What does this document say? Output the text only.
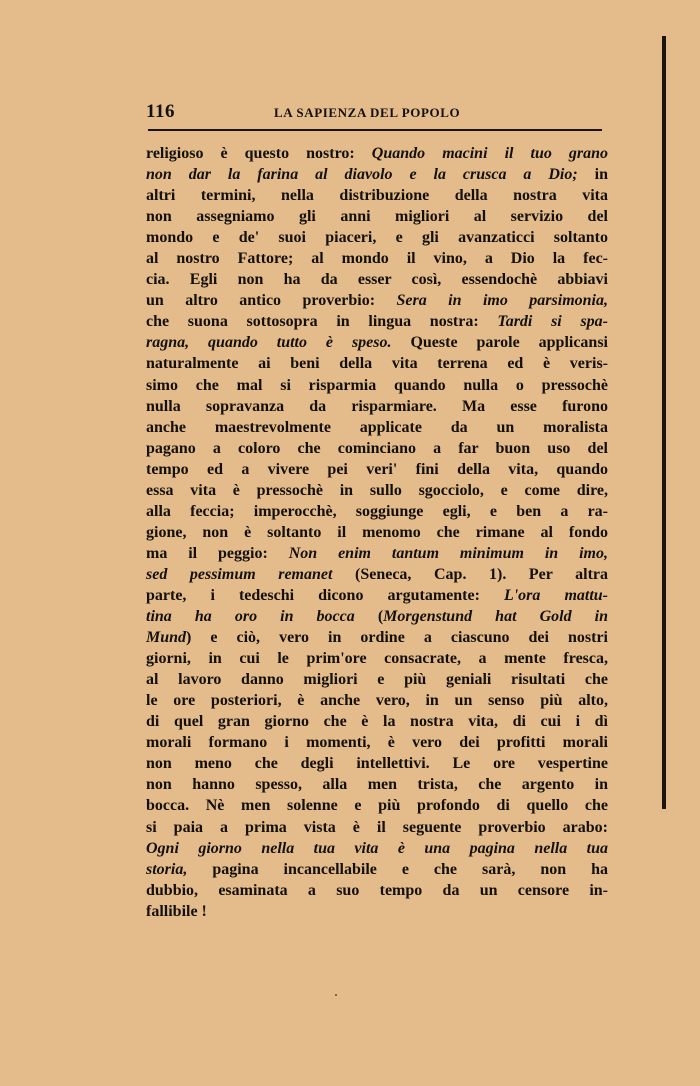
116	LA SAPIENZA DEL POPOLO
religioso è questo nostro: Quando macini il tuo grano
non dar la farina al diavolo e la crusca a Dio; in
altri termini, nella distribuzione della nostra vita
non assegniamo gli anni migliori al servizio del
mondo e de' suoi piaceri, e gli avanzaticci soltanto
al nostro Fattore; al mondo il vino, a Dio la fec-
cia. Egli non ha da esser così, essendochè abbiavi
un altro antico proverbio: Sera in imo parsimonia,
che suona sottosopra in lingua nostra: Tardi si spa-
ragna, quando tutto è speso. Queste parole applicansi
naturalmente ai beni della vita terrena ed è veris-
simo che mal si risparmia quando nulla o pressochè
nulla sopravanza da risparmiare. Ma esse furono
anche maestrevolmente applicate da un moralista
pagano a coloro che cominciano a far buon uso del
tempo ed a vivere pei veri' fini della vita, quando
essa vita è pressochè in sullo sgocciolo, e come dire,
alla feccia; imperocchè, soggiunge egli, e ben a ra-
gione, non è soltanto il menomo che rimane al fondo
ma il peggio: Non enim tantum minimum in imo,
sed pessimum remanet (Seneca, Cap. 1). Per altra
parte, i tedeschi dicono argutamente: L'ora mattu-
tina ha oro in bocca (Morgenstund hat Gold in
Mund) e ciò, vero in ordine a ciascuno dei nostri
giorni, in cui le prim'ore consacrate, a mente fresca,
al lavoro danno migliori e più geniali risultati che
le ore posteriori, è anche vero, in un senso più alto,
di quel gran giorno che è la nostra vita, di cui i dì
morali formano i momenti, è vero dei profitti morali
non meno che degli intellettivi. Le ore vespertine
non hanno spesso, alla men trista, che argento in
bocca. Nè men solenne e più profondo di quello che
si paia a prima vista è il seguente proverbio arabo:
Ogni giorno nella tua vita è una pagina nella tua
storia, pagina incancellabile e che sarà, non ha
dubbio, esaminata a suo tempo da un censore in-
fallibile !
